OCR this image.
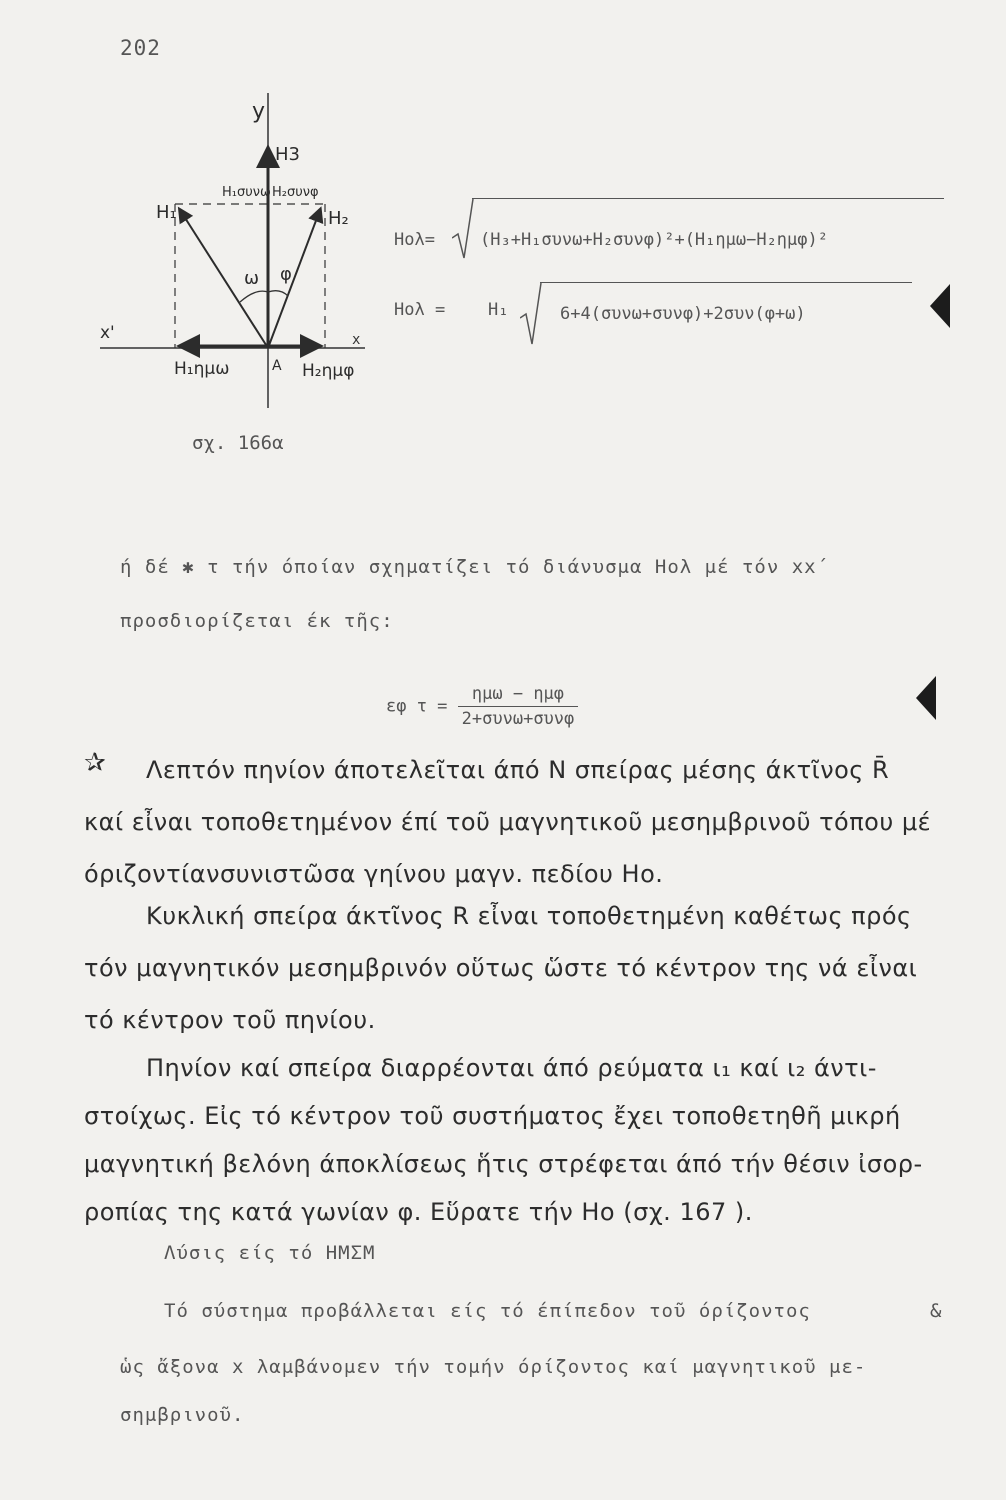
202
y
H3
H₁συνω H₂συνφ
H₁	H₂
ω φ
x'	x
A
H₁ημω	H₂ημφ
σχ. 166α
Hολ=	(H₃+H₁συνω+H₂συνφ)²+(H₁ημω−H₂ημφ)²
Hολ =	H₁	6+4(συνω+συνφ)+2συν(φ+ω)
ή δέ ✱ τ τήν όποίαν σχηματίζει τό διάνυσμα Hολ μέ τόν xx΄
προσδιορίζεται έκ τῆς:
εφ $\tau = \frac{\text{ημω − ημφ}}{\text{2+συνω+συνφ}}$
✰ Λεπτόν πηνίον άποτελεῖται άπό N σπείρας μέσης άκτῖνος R̄
καί εἶναι τοποθετημένον έπί τοῦ μαγνητικοῦ μεσημβρινοῦ τόπου μέ
όριζοντίανσυνιστῶσα γηίνου μαγν. πεδίου Hο.
Κυκλική σπείρα άκτῖνος R εἶναι τοποθετημένη καθέτως πρός
τόν μαγνητικόν μεσημβρινόν οὕτως ὥστε τό κέντρον της νά εἶναι
τό κέντρον τοῦ πηνίου.
Πηνίον καί σπείρα διαρρέονται άπό ρεύματα ι₁ καί ι₂ άντι-
στοίχως. Εἰς τό κέντρον τοῦ συστήματος ἔχει τοποθετηθῆ μικρή
μαγνητική βελόνη άποκλίσεως ἥτις στρέφεται άπό τήν θέσιν ἰσορ-
ροπίας της κατά γωνίαν φ. Εὕρατε τήν Hο (σχ. 167 ).
Λύσις είς τό ΗΜΣΜ
Τό σύστημα προβάλλεται είς τό έπίπεδον τοῦ όρίζοντος	&
ὡς ἄξονα x λαμβάνομεν τήν τομήν όρίζοντος καί μαγνητικοῦ με-
σημβρινοῦ.
